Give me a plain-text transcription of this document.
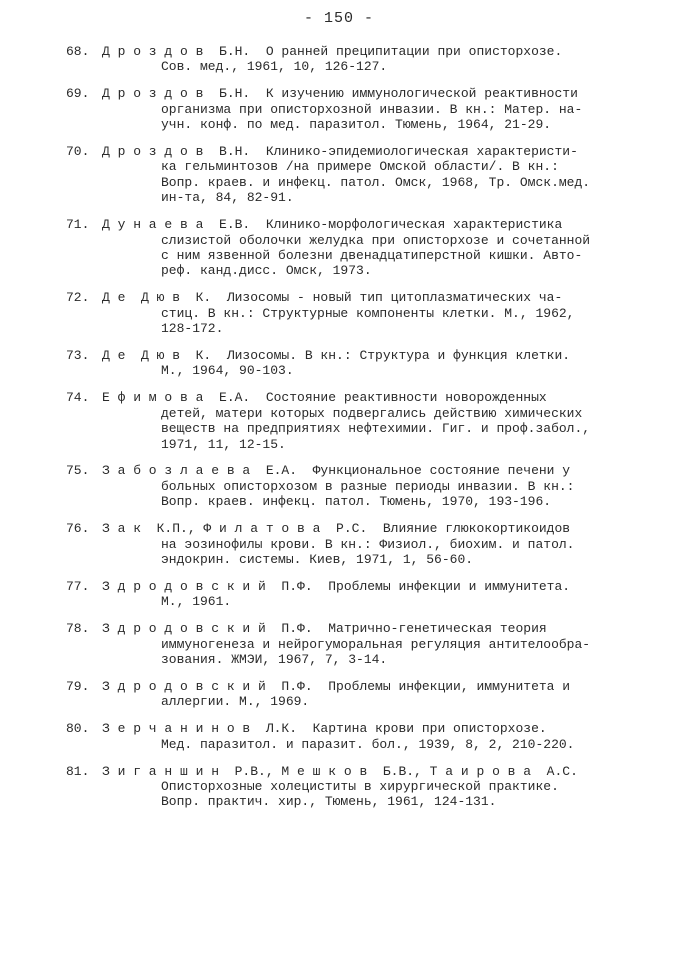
- 150 -
68. Д р о з д о в  Б.Н.  О ранней преципитации при описторхозе.
Сов. мед., 1961, 10, 126-127.
69. Д р о з д о в  Б.Н.  К изучению иммунологической реактивности
организма при описторхозной инвазии. В кн.: Матер. на-
учн. конф. по мед. паразитол. Тюмень, 1964, 21-29.
70. Д р о з д о в  В.Н.  Клинико-эпидемиологическая характеристи-
ка гельминтозов /на примере Омской области/. В кн.:
Вопр. краев. и инфекц. патол. Омск, 1968, Тр. Омск.мед.
ин-та, 84, 82-91.
71. Д у н а е в а  Е.В.  Клинико-морфологическая характеристика
слизистой оболочки желудка при описторхозе и сочетанной
с ним язвенной болезни двенадцатиперстной кишки. Авто-
реф. канд.дисс. Омск, 1973.
72. Д е  Д ю в  К.  Лизосомы - новый тип цитоплазматических ча-
стиц. В кн.: Структурные компоненты клетки. М., 1962,
128-172.
73. Д е  Д ю в  К.  Лизосомы. В кн.: Структура и функция клетки.
М., 1964, 90-103.
74. Е ф и м о в а  Е.А.  Состояние реактивности новорожденных
детей, матери которых подвергались действию химических
веществ на предприятиях нефтехимии. Гиг. и проф.забол.,
1971, 11, 12-15.
75. З а б о з л а е в а  Е.А.  Функциональное состояние печени у
больных описторхозом в разные периоды инвазии. В кн.:
Вопр. краев. инфекц. патол. Тюмень, 1970, 193-196.
76. З а к  К.П., Ф и л а т о в а  Р.С.  Влияние глюкокортикоидов
на эозинофилы крови. В кн.: Физиол., биохим. и патол.
эндокрин. системы. Киев, 1971, 1, 56-60.
77. З д р о д о в с к и й  П.Ф.  Проблемы инфекции и иммунитета.
М., 1961.
78. З д р о д о в с к и й  П.Ф.  Матрично-генетическая теория
иммуногенеза и нейрогуморальная регуляция антителообра-
зования. ЖМЭИ, 1967, 7, 3-14.
79. З д р о д о в с к и й  П.Ф.  Проблемы инфекции, иммунитета и
аллергии. М., 1969.
80. З е р ч а н и н о в  Л.К.  Картина крови при описторхозе.
Мед. паразитол. и паразит. бол., 1939, 8, 2, 210-220.
81. З и г а н ш и н  Р.В., М е ш к о в  Б.В., Т а и р о в а  А.С.
Описторхозные холециститы в хирургической практике.
Вопр. практич. хир., Тюмень, 1961, 124-131.
